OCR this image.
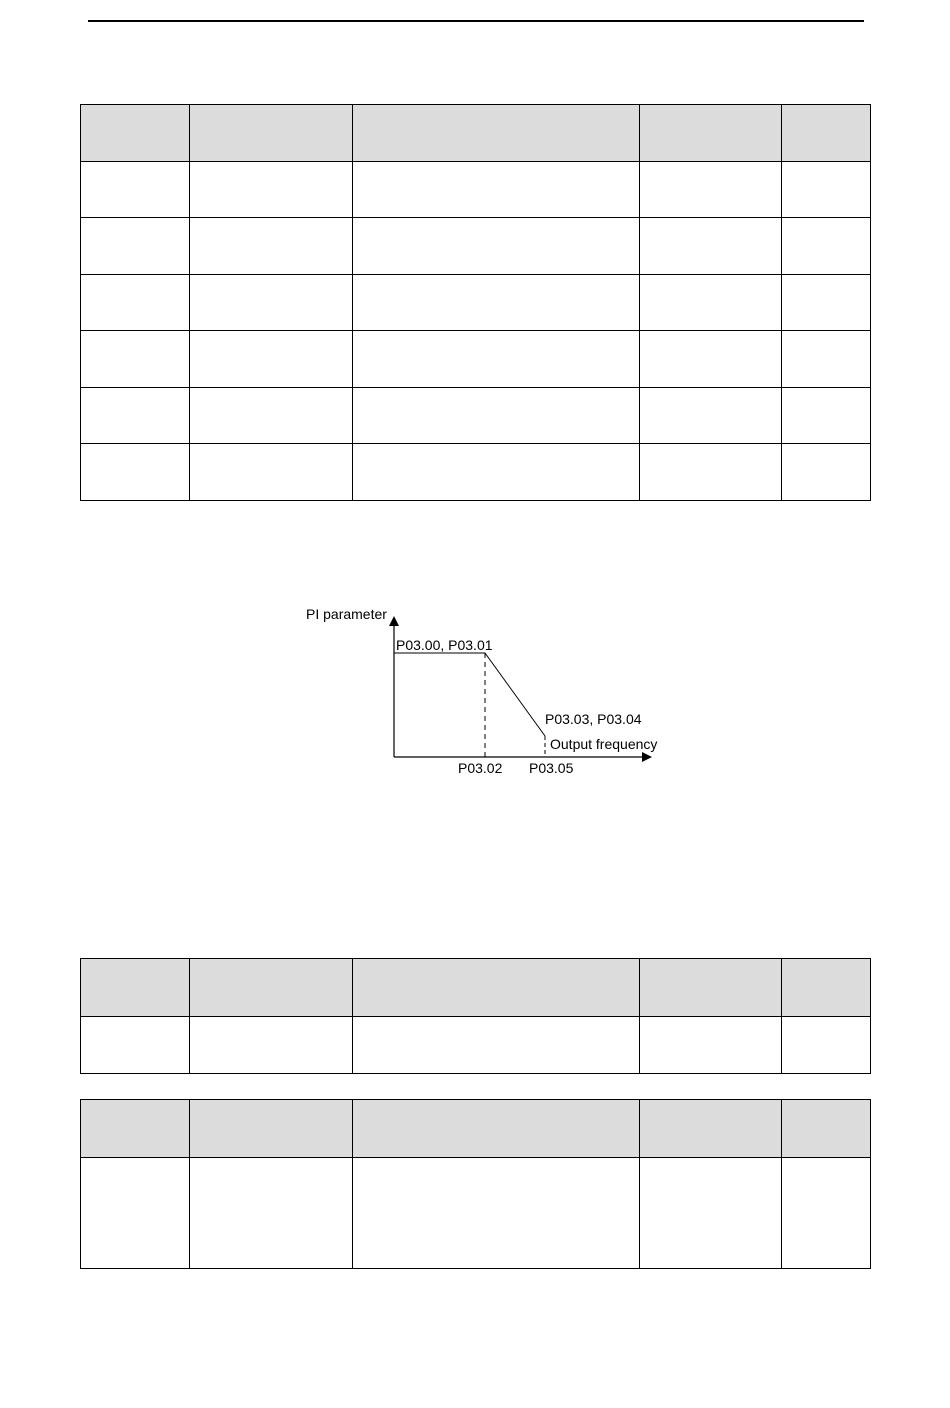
PI parameter
P03.00, P03.01
P03.03, P03.04
Output frequency
P03.02 P03.05
